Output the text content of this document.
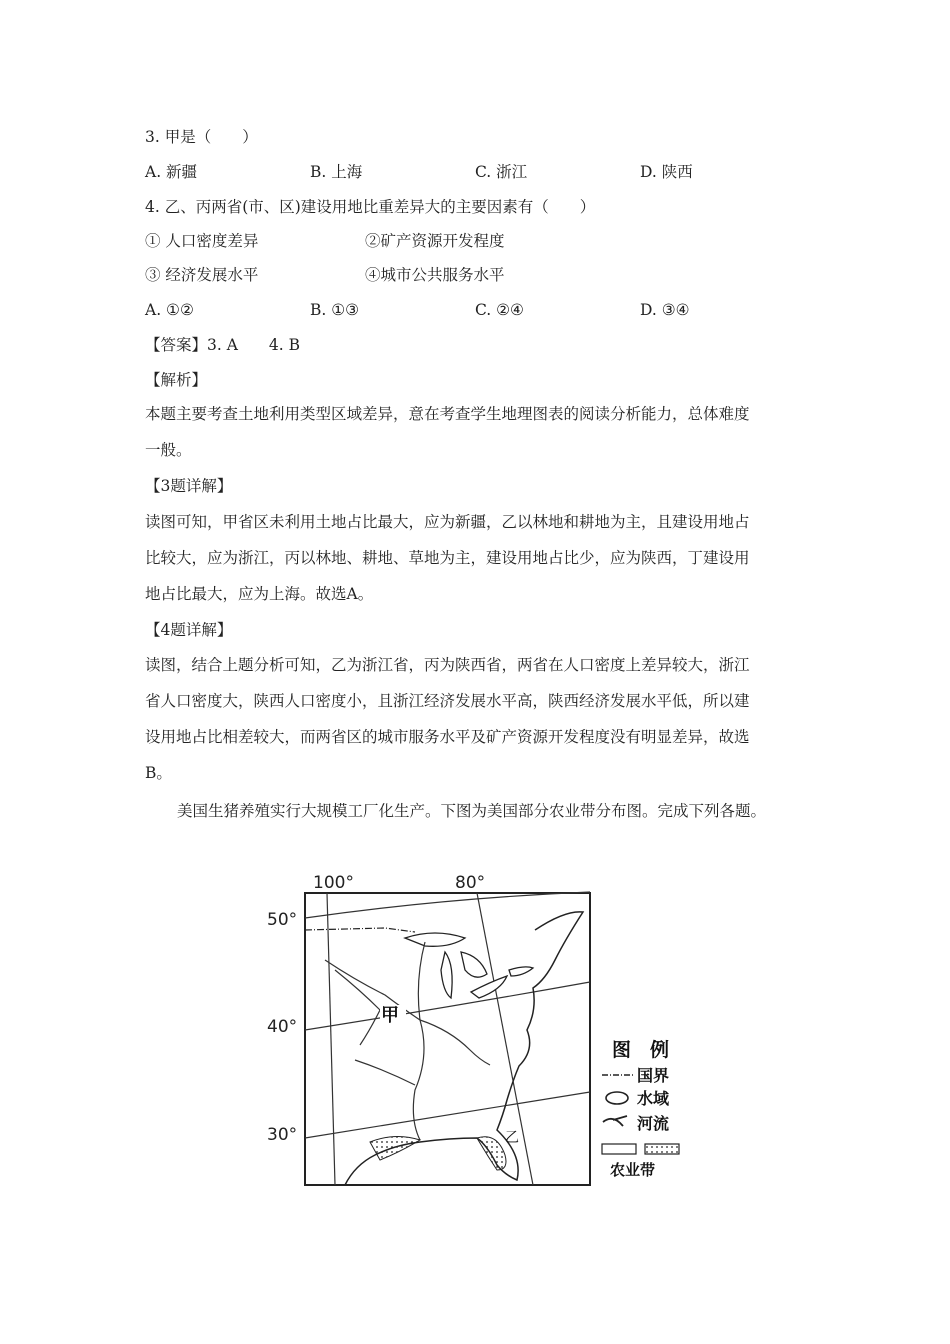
3. 甲是（　　）
A. 新疆	B. 上海	C. 浙江	D. 陕西
4. 乙、丙两省(市、区)建设用地比重差异大的主要因素有（　　）
① 人口密度差异	②矿产资源开发程度
③ 经济发展水平	④城市公共服务水平
A. ①②	B. ①③	C. ②④	D. ③④
【答案】3. A　　4. B
【解析】
本题主要考查土地利用类型区域差异，意在考查学生地理图表的阅读分析能力，总体难度
一般。
【3题详解】
读图可知，甲省区未利用土地占比最大，应为新疆，乙以林地和耕地为主，且建设用地占
比较大，应为浙江，丙以林地、耕地、草地为主，建设用地占比少，应为陕西，丁建设用
地占比最大，应为上海。故选A。
【4题详解】
读图，结合上题分析可知，乙为浙江省，丙为陕西省，两省在人口密度上差异较大，浙江
省人口密度大，陕西人口密度小，且浙江经济发展水平高，陕西经济发展水平低，所以建
设用地占比相差较大，而两省区的城市服务水平及矿产资源开发程度没有明显差异，故选
B。
美国生猪养殖实行大规模工厂化生产。下图为美国部分农业带分布图。完成下列各题。
100°	80°
50°
40°
30°
甲
乙
图　例
国界
水域
河流
农业带
